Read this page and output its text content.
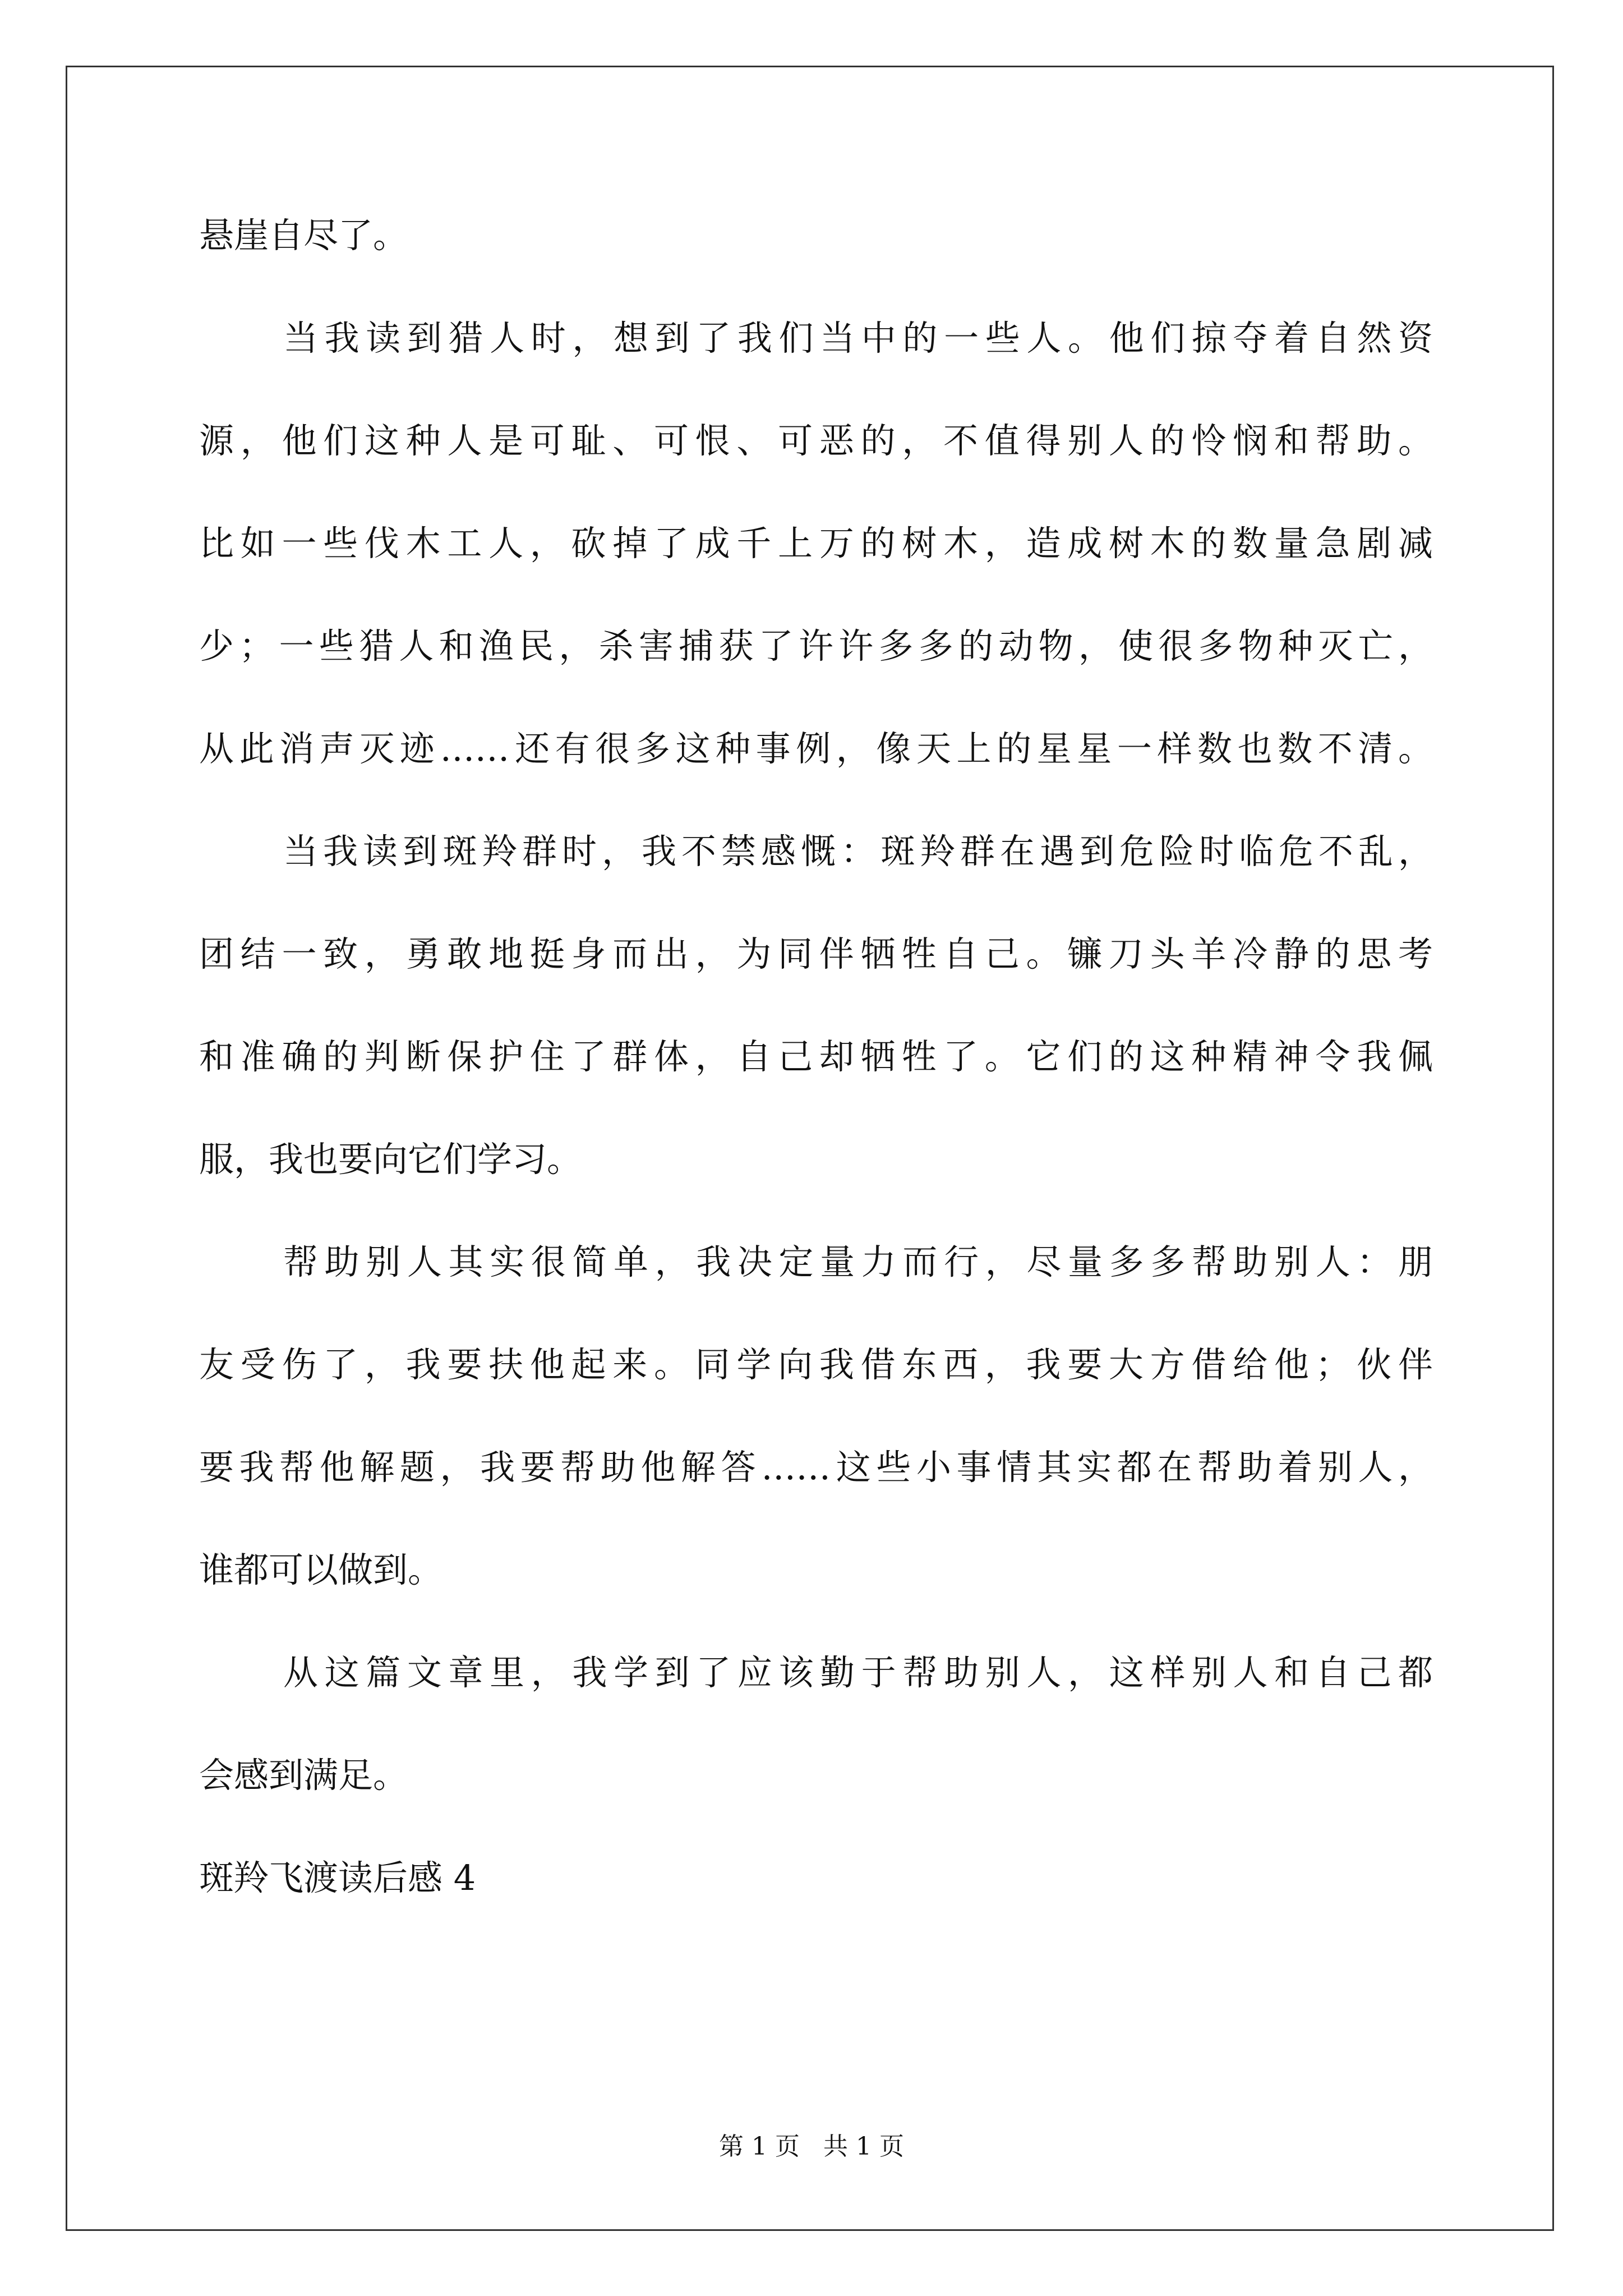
悬崖自尽了。
当我读到猎人时，想到了我们当中的一些人。他们掠夺着自然资
源，他们这种人是可耻、可恨、可恶的，不值得别人的怜悯和帮助。
比如一些伐木工人，砍掉了成千上万的树木，造成树木的数量急剧减
少；一些猎人和渔民，杀害捕获了许许多多的动物，使很多物种灭亡，
从此消声灭迹……还有很多这种事例，像天上的星星一样数也数不清。
当我读到斑羚群时，我不禁感慨：斑羚群在遇到危险时临危不乱，
团结一致，勇敢地挺身而出，为同伴牺牲自己。镰刀头羊冷静的思考
和准确的判断保护住了群体，自己却牺牲了。它们的这种精神令我佩
服，我也要向它们学习。
帮助别人其实很简单，我决定量力而行，尽量多多帮助别人：朋
友受伤了，我要扶他起来。同学向我借东西，我要大方借给他；伙伴
要我帮他解题，我要帮助他解答……这些小事情其实都在帮助着别人，
谁都可以做到。
从这篇文章里，我学到了应该勤于帮助别人，这样别人和自己都
会感到满足。
斑羚飞渡读后感 4
第 1 页 共 1 页
